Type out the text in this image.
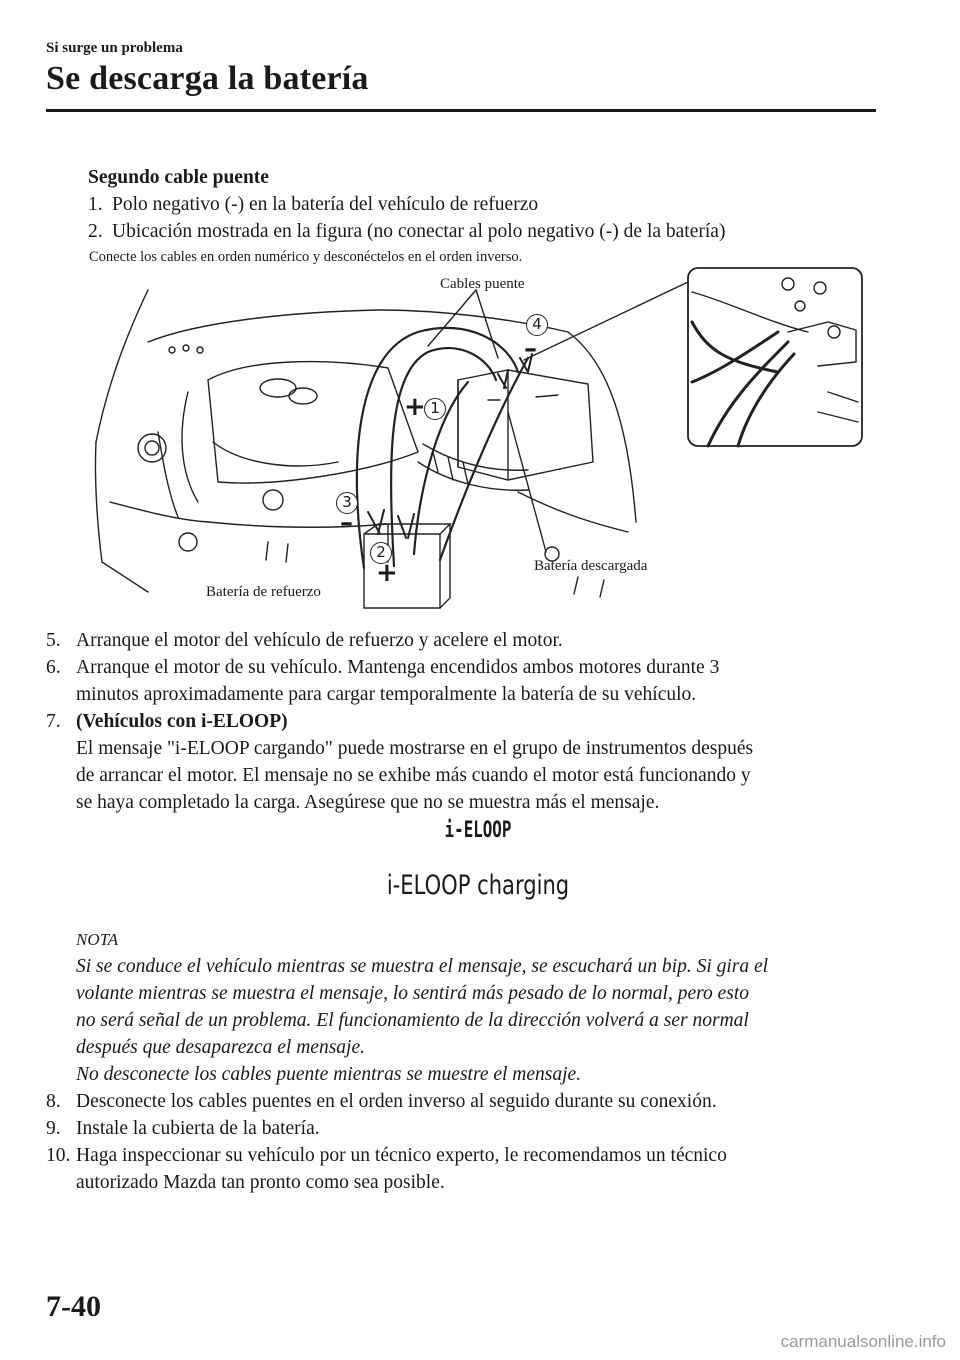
Si surge un problema
Se descarga la batería
Segundo cable puente
1. Polo negativo (-) en la batería del vehículo de refuerzo
2. Ubicación mostrada en la figura (no conectar al polo negativo (-) de la batería)
Conecte los cables en orden numérico y desconéctelos en el orden inverso.
Cables puente
Batería descargada
Batería de refuerzo
1
2
3
4
+
+
–
–
5. Arranque el motor del vehículo de refuerzo y acelere el motor.
6. Arranque el motor de su vehículo. Mantenga encendidos ambos motores durante 3
minutos aproximadamente para cargar temporalmente la batería de su vehículo.
7. (Vehículos con i-ELOOP)
El mensaje "i-ELOOP cargando" puede mostrarse en el grupo de instrumentos después
de arrancar el motor. El mensaje no se exhibe más cuando el motor está funcionando y
se haya completado la carga. Asegúrese que no se muestra más el mensaje.
i-ELOOP
i-ELOOP charging
NOTA
Si se conduce el vehículo mientras se muestra el mensaje, se escuchará un bip. Si gira el
volante mientras se muestra el mensaje, lo sentirá más pesado de lo normal, pero esto
no será señal de un problema. El funcionamiento de la dirección volverá a ser normal
después que desaparezca el mensaje.
No desconecte los cables puente mientras se muestre el mensaje.
8. Desconecte los cables puentes en el orden inverso al seguido durante su conexión.
9. Instale la cubierta de la batería.
10. Haga inspeccionar su vehículo por un técnico experto, le recomendamos un técnico
autorizado Mazda tan pronto como sea posible.
7-40
carmanualsonline.info
